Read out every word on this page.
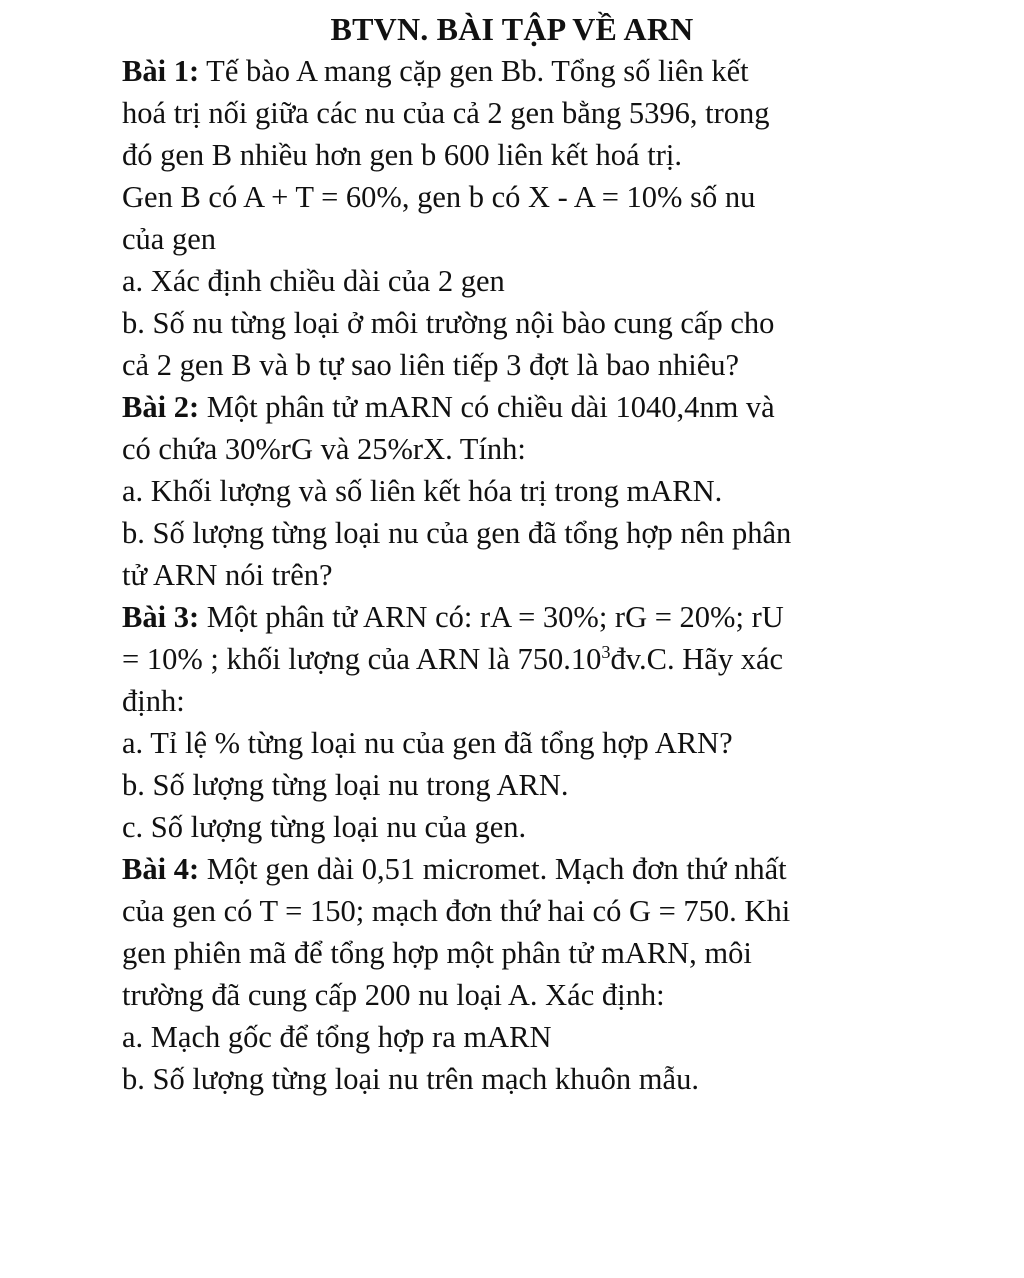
BTVN. BÀI TẬP VỀ ARN

Bài 1: Tế bào A mang cặp gen Bb. Tổng số liên kết

hoá trị nối giữa các nu của cả 2 gen bằng 5396, trong

đó gen B nhiều hơn gen b 600 liên kết hoá trị.

Gen B có A + T = 60%, gen b có X - A = 10% số nu

của gen

a. Xác định chiều dài của 2 gen

b. Số nu từng loại ở môi trường nội bào cung cấp cho

cả 2 gen B và b tự sao liên tiếp 3 đợt là bao nhiêu?

Bài 2: Một phân tử mARN có chiều dài 1040,4nm và

có chứa 30%rG và 25%rX. Tính:

a. Khối lượng và số liên kết hóa trị trong mARN.

b. Số lượng từng loại nu của gen đã tổng hợp nên phân

tử ARN nói trên?

Bài 3: Một phân tử ARN có: rA = 30%; rG = 20%; rU

= 10% ; khối lượng của ARN là 750.10$^3$đv.C. Hãy xác

định:

a. Tỉ lệ % từng loại nu của gen đã tổng hợp ARN?

b. Số lượng từng loại nu trong ARN.

c. Số lượng từng loại nu của gen.

Bài 4: Một gen dài 0,51 micromet. Mạch đơn thứ nhất

của gen có T = 150; mạch đơn thứ hai có G = 750. Khi

gen phiên mã để tổng hợp một phân tử mARN, môi

trường đã cung cấp 200 nu loại A. Xác định:

a. Mạch gốc để tổng hợp ra mARN

b. Số lượng từng loại nu trên mạch khuôn mẫu.
